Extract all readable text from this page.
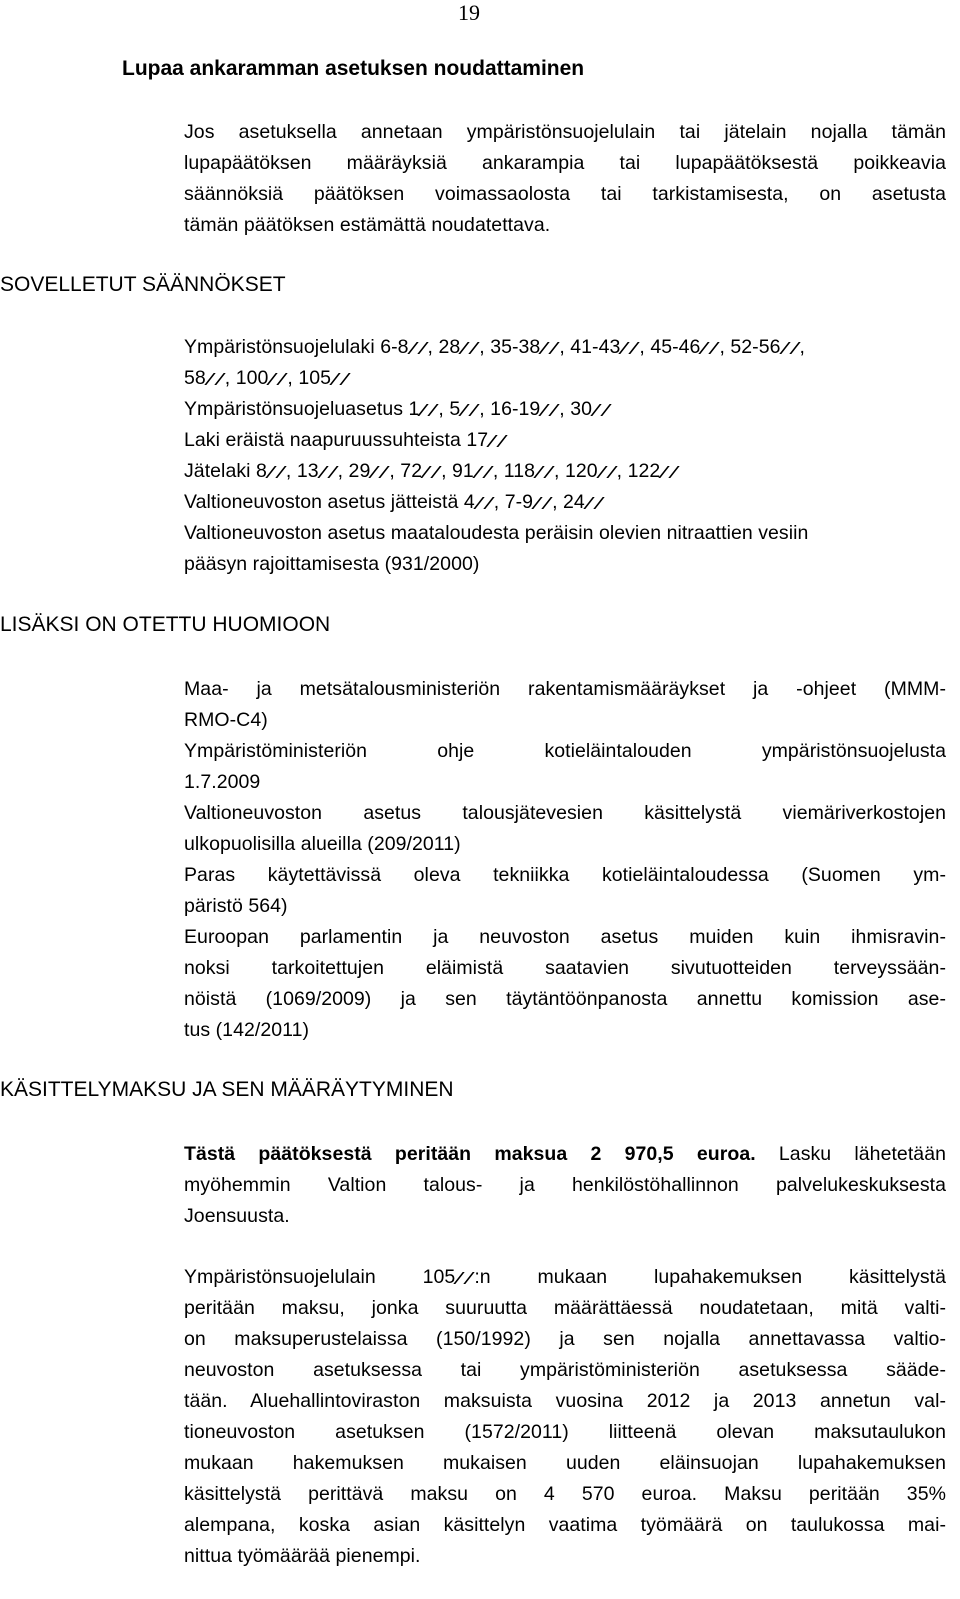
19
Lupaa ankaramman asetuksen noudattaminen
Jos asetuksella annetaan ympäristönsuojelulain tai jätelain nojalla tämän
lupapäätöksen määräyksiä ankarampia tai lupapäätöksestä poikkeavia
säännöksiä päätöksen voimassaolosta tai tarkistamisesta, on asetusta
tämän päätöksen estämättä noudatettava.
SOVELLETUT SÄÄNNÖKSET
Ympäristönsuojelulaki 6-8 , 28 , 35-38 , 41-43 , 45-46 , 52-56 ,
58 , 100 , 105
Ympäristönsuojeluasetus 1 , 5 , 16-19 , 30
Laki eräistä naapuruussuhteista 17
Jätelaki 8 , 13 , 29 , 72 , 91 , 118 , 120 , 122
Valtioneuvoston asetus jätteistä 4 , 7-9 , 24
Valtioneuvoston asetus maataloudesta peräisin olevien nitraattien vesiin
pääsyn rajoittamisesta (931/2000)
LISÄKSI ON OTETTU HUOMIOON
Maa- ja metsätalousministeriön rakentamismääräykset ja -ohjeet (MMM-
RMO-C4)
Ympäristöministeriön ohje kotieläintalouden ympäristönsuojelusta
1.7.2009
Valtioneuvoston asetus talousjätevesien käsittelystä viemäriverkostojen
ulkopuolisilla alueilla (209/2011)
Paras käytettävissä oleva tekniikka kotieläintaloudessa (Suomen ym-
päristö 564)
Euroopan parlamentin ja neuvoston asetus muiden kuin ihmisravin-
noksi tarkoitettujen eläimistä saatavien sivutuotteiden terveyssään-
nöistä (1069/2009) ja sen täytäntöönpanosta annettu komission ase-
tus (142/2011)
KÄSITTELYMAKSU JA SEN MÄÄRÄYTYMINEN
Tästä päätöksestä peritään maksua 2 970,5 euroa. Lasku lähetetään
myöhemmin Valtion talous- ja henkilöstöhallinnon palvelukeskuksesta
Joensuusta.
Ympäristönsuojelulain 105 :n mukaan lupahakemuksen käsittelystä
peritään maksu, jonka suuruutta määrättäessä noudatetaan, mitä valti-
on maksuperustelaissa (150/1992) ja sen nojalla annettavassa valtio-
neuvoston asetuksessa tai ympäristöministeriön asetuksessa sääde-
tään. Aluehallintoviraston maksuista vuosina 2012 ja 2013 annetun val-
tioneuvoston asetuksen (1572/2011) liitteenä olevan maksutaulukon
mukaan hakemuksen mukaisen uuden eläinsuojan lupahakemuksen
käsittelystä perittävä maksu on 4 570 euroa. Maksu peritään 35%
alempana, koska asian käsittelyn vaatima työmäärä on taulukossa mai-
nittua työmäärää pienempi.
